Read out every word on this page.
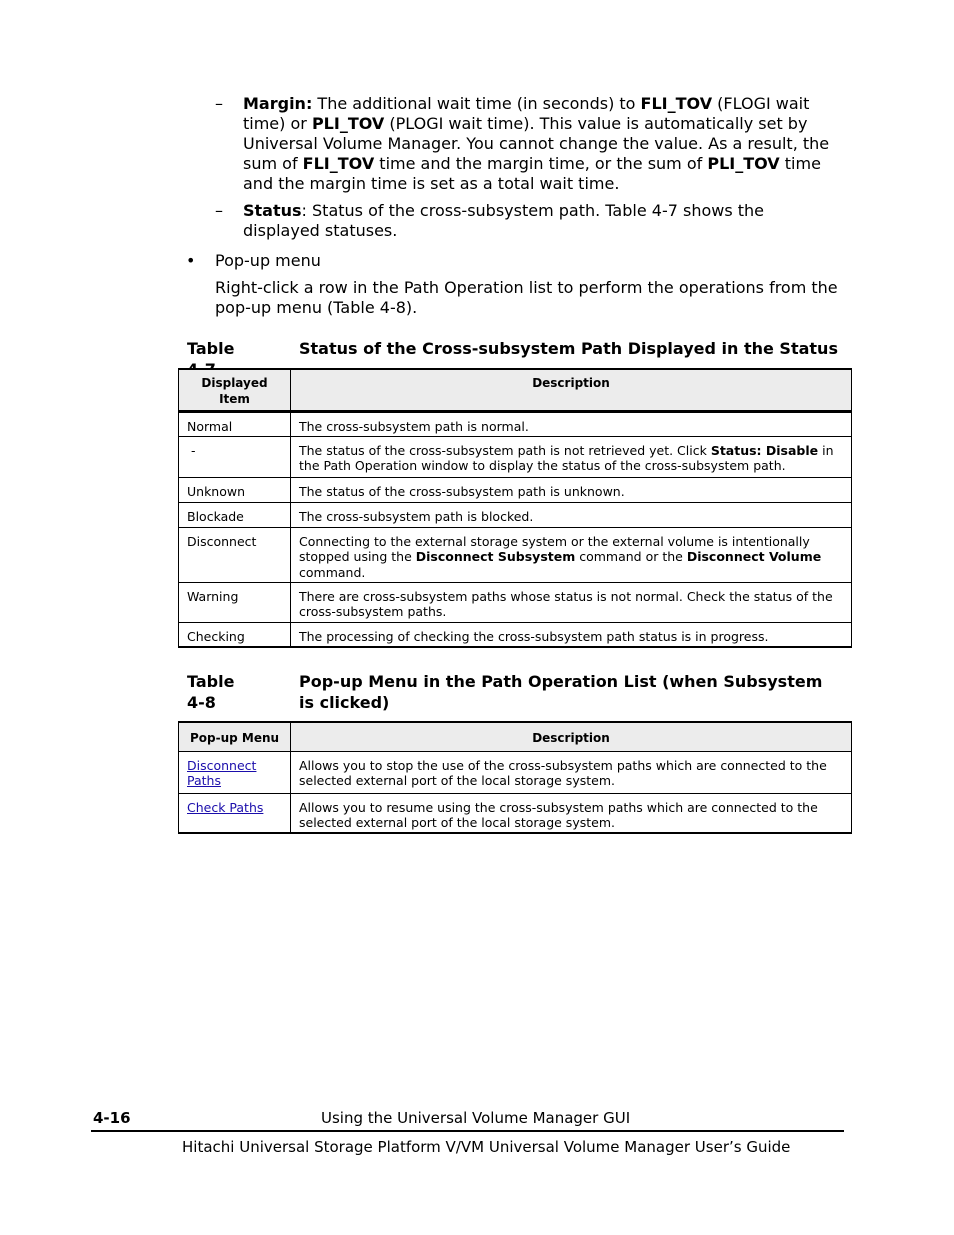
– Margin: The additional wait time (in seconds) to FLI_TOV (FLOGI wait time) or PLI_TOV (PLOGI wait time). This value is automatically set by Universal Volume Manager. You cannot change the value. As a result, the sum of FLI_TOV time and the margin time, or the sum of PLI_TOV time and the margin time is set as a total wait time.
– Status: Status of the cross-subsystem path. Table 4-7 shows the displayed statuses.
• Pop-up menu
Right-click a row in the Path Operation list to perform the operations from the pop-up menu (Table 4-8).
Table	Status of the Cross-subsystem Path Displayed in the Status
Displayed Item	Description
Normal	The cross-subsystem path is normal.
-	The status of the cross-subsystem path is not retrieved yet. Click Status: Disable in the Path Operation window to display the status of the cross-subsystem path.
Unknown	The status of the cross-subsystem path is unknown.
Blockade	The cross-subsystem path is blocked.
Disconnect	Connecting to the external storage system or the external volume is intentionally stopped using the Disconnect Subsystem command or the Disconnect Volume command.
Warning	There are cross-subsystem paths whose status is not normal. Check the status of the cross-subsystem paths.
Checking	The processing of checking the cross-subsystem path status is in progress.
Table 4-8
Pop-up Menu in the Path Operation List (when Subsystem is clicked)
Pop-up Menu	Description
Disconnect Paths	Allows you to stop the use of the cross-subsystem paths which are connected to the selected external port of the local storage system.
Check Paths	Allows you to resume using the cross-subsystem paths which are connected to the selected external port of the local storage system.
4-16	Using the Universal Volume Manager GUI
Hitachi Universal Storage Platform V/VM Universal Volume Manager User’s Guide
